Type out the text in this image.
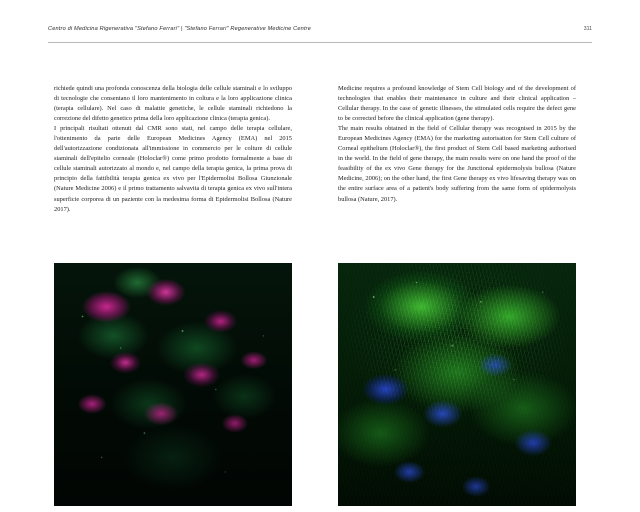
Centro di Medicina Rigenerativa "Stefano Ferrari" | "Stefano Ferrari" Regenerative Medicine Centre	311

richiede quindi una profonda conoscenza della biologia delle cellule staminali e lo sviluppo di tecnologie che consentano il loro mantenimento in coltura e la loro applicazione clinica (terapia cellulare). Nel caso di malattie genetiche, le cellule staminali richiedono la correzione del difetto genetico prima della loro applicazione clinica (terapia genica).

I principali risultati ottenuti dal CMR sono stati, nel campo delle terapia cellulare, l'ottenimento da parte delle European Medicines Agency (EMA) nel 2015 dell'autorizzazione condizionata all'immissione in commercio per le colture di cellule staminali dell'epitelio corneale (Holoclar®) come primo prodotto formalmente a base di cellule staminali autorizzato al mondo e, nel campo della terapia genica, la prima prova di principio della fattibilità terapia genica ex vivo per l'Epidermolisi Bollosa Giunzionale (Nature Medicine 2006) e il primo trattamento salvavita di terapia genica ex vivo sull'intera superficie corporea di un paziente con la medesima forma di Epidermolisi Bollosa (Nature 2017).

Medicine requires a profound knowledge of Stem Cell biology and of the development of technologies that enables their maintenance in culture and their clinical application – Cellular therapy. In the case of genetic illnesses, the stimulated cells require the defect gene to be corrected before the clinical application (gene therapy).

The main results obtained in the field of Cellular therapy was recognised in 2015 by the European Medicines Agency (EMA) for the marketing autorisation for Stem Cell culture of Corneal epithelium (Holoclar®), the first product of Stem Cell based marketing authorised in the world. In the field of gene therapy, the main results were on one hand the proof of the feasibility of the ex vivo Gene therapy for the Junctional epidermolysis bullosa (Nature Medicine, 2006); on the other hand, the first Gene therapy ex vivo lifesaving therapy was on the entire surface area of a patient's body suffering from the same form of epidermolysis bullosa (Nature, 2017).
